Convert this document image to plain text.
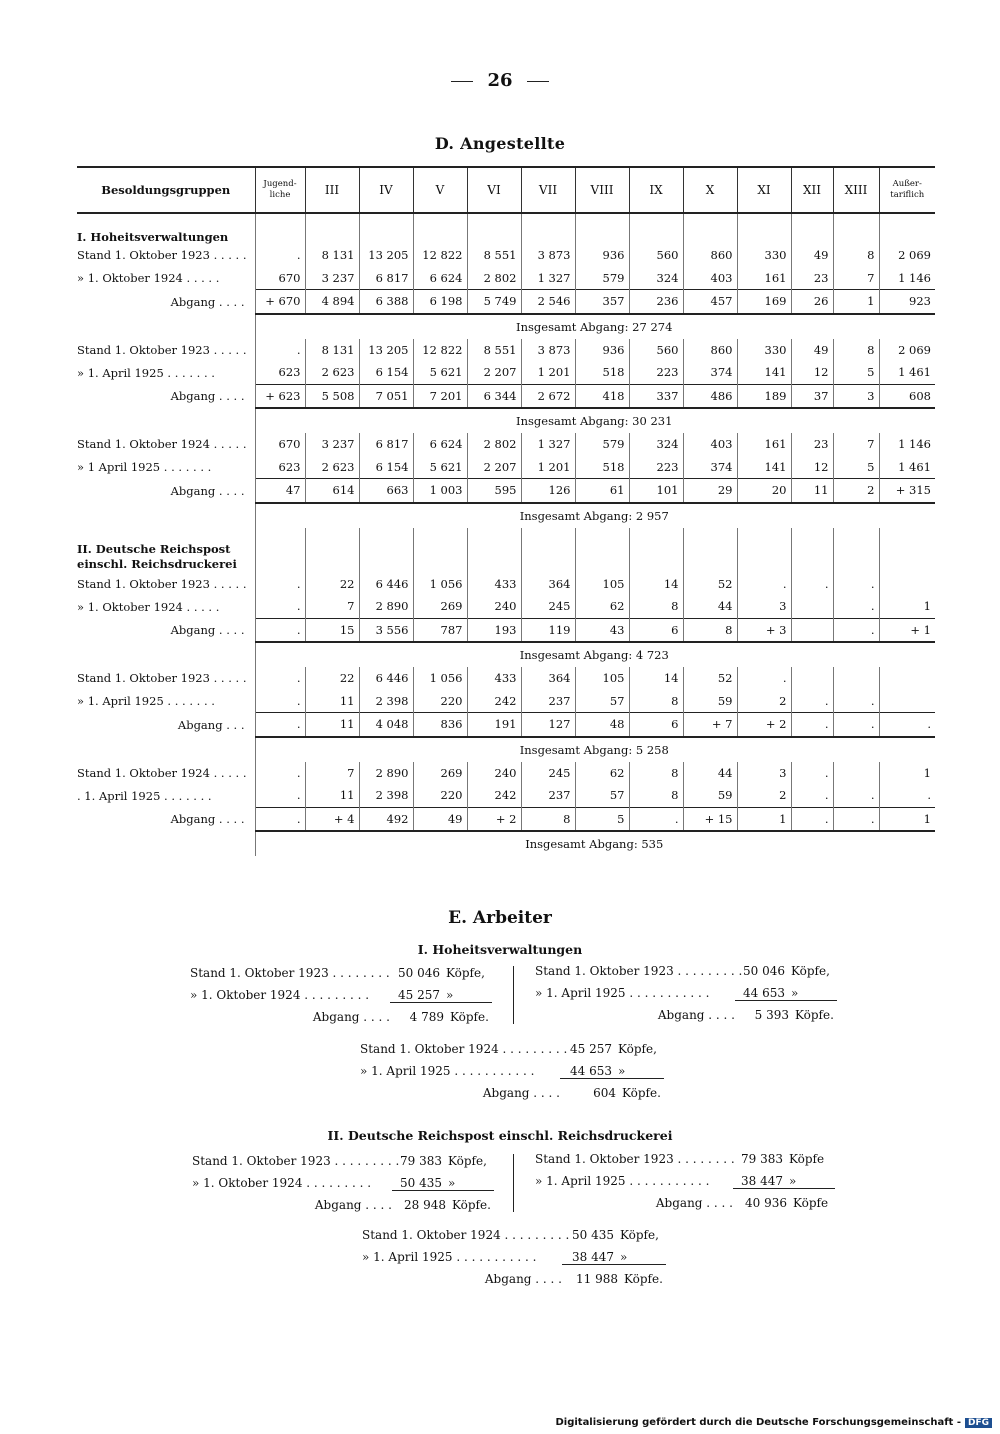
26
D. Angestellte
Besoldungsgruppen	Jugend-liche	III	IV	V	VI	VII	VIII	IX	X	XI	XII	XIII	Außer-tariflich
I. Hoheitsverwaltungen													
Stand 1. Oktober 1923 . . . . .	.	8 131	13 205	12 822	8 551	3 873	936	560	860	330	49	8	2 069
» 1. Oktober 1924 . . . . .	670	3 237	6 817	6 624	2 802	1 327	579	324	403	161	23	7	1 146
Abgang . . . .	+ 670	4 894	6 388	6 198	5 749	2 546	357	236	457	169	26	1	923
	Insgesamt Abgang: 27 274												
Stand 1. Oktober 1923 . . . . .	.	8 131	13 205	12 822	8 551	3 873	936	560	860	330	49	8	2 069
» 1. April 1925 . . . . . . .	623	2 623	6 154	5 621	2 207	1 201	518	223	374	141	12	5	1 461
Abgang . . . .	+ 623	5 508	7 051	7 201	6 344	2 672	418	337	486	189	37	3	608
	Insgesamt Abgang: 30 231												
Stand 1. Oktober 1924 . . . . .	670	3 237	6 817	6 624	2 802	1 327	579	324	403	161	23	7	1 146
» 1 April 1925 . . . . . . .	623	2 623	6 154	5 621	2 207	1 201	518	223	374	141	12	5	1 461
Abgang . . . .	47	614	663	1 003	595	126	61	101	29	20	11	2	+ 315
	Insgesamt Abgang: 2 957												

II. Deutsche Reichspost
einschl. Reichsdruckerei													
Stand 1. Oktober 1923 . . . . .	.	22	6 446	1 056	433	364	105	14	52	.	.	.	
» 1. Oktober 1924 . . . . .	.	7	2 890	269	240	245	62	8	44	3		.	1
Abgang . . . .	.	15	3 556	787	193	119	43	6	8	+ 3		.	+ 1
	Insgesamt Abgang: 4 723												
Stand 1. Oktober 1923 . . . . .	.	22	6 446	1 056	433	364	105	14	52	.			
» 1. April 1925 . . . . . . .	.	11	2 398	220	242	237	57	8	59	2	.	.	
Abgang . . .	.	11	4 048	836	191	127	48	6	+ 7	+ 2	.	.	.
	Insgesamt Abgang: 5 258												
Stand 1. Oktober 1924 . . . . .	.	7	2 890	269	240	245	62	8	44	3	.		1
. 1. April 1925 . . . . . . .	.	11	2 398	220	242	237	57	8	59	2	.	.	.
Abgang . . . .	.	+ 4	492	49	+ 2	8	5	.	+ 15	1	.	.	1
	Insgesamt Abgang: 535												
E. Arbeiter
I. Hoheitsverwaltungen
II. Deutsche Reichspost einschl. Reichsdruckerei
Stand 1. Oktober 1923 . . . . . . . . 50 046 Köpfe,
» 1. Oktober 1924 . . . . . . . . .	45 257 »
Abgang . . . .	4 789 Köpfe.
Stand 1. Oktober 1923 . . . . . . . . . 50 046 Köpfe,
» 1. April 1925 . . . . . . . . . . .	44 653 »
Abgang . . . .	5 393 Köpfe.
Stand 1. Oktober 1924 . . . . . . . . . 45 257 Köpfe,
» 1. April 1925 . . . . . . . . . . .	44 653 »
Abgang . . . .	604 Köpfe.
Stand 1. Oktober 1923 . . . . . . . . . 79 383 Köpfe,
» 1. Oktober 1924 . . . . . . . . .	50 435 »
Abgang . . . .	28 948 Köpfe.
Stand 1. Oktober 1923 . . . . . . . . 79 383 Köpfe
» 1. April 1925 . . . . . . . . . . .	38 447 »
Abgang . . . .	40 936 Köpfe
Stand 1. Oktober 1924 . . . . . . . . . 50 435 Köpfe,
» 1. April 1925 . . . . . . . . . . .	38 447 »
Abgang . . . .	11 988 Köpfe.
Digitalisierung gefördert durch die Deutsche Forschungsgemeinschaft - DFG
